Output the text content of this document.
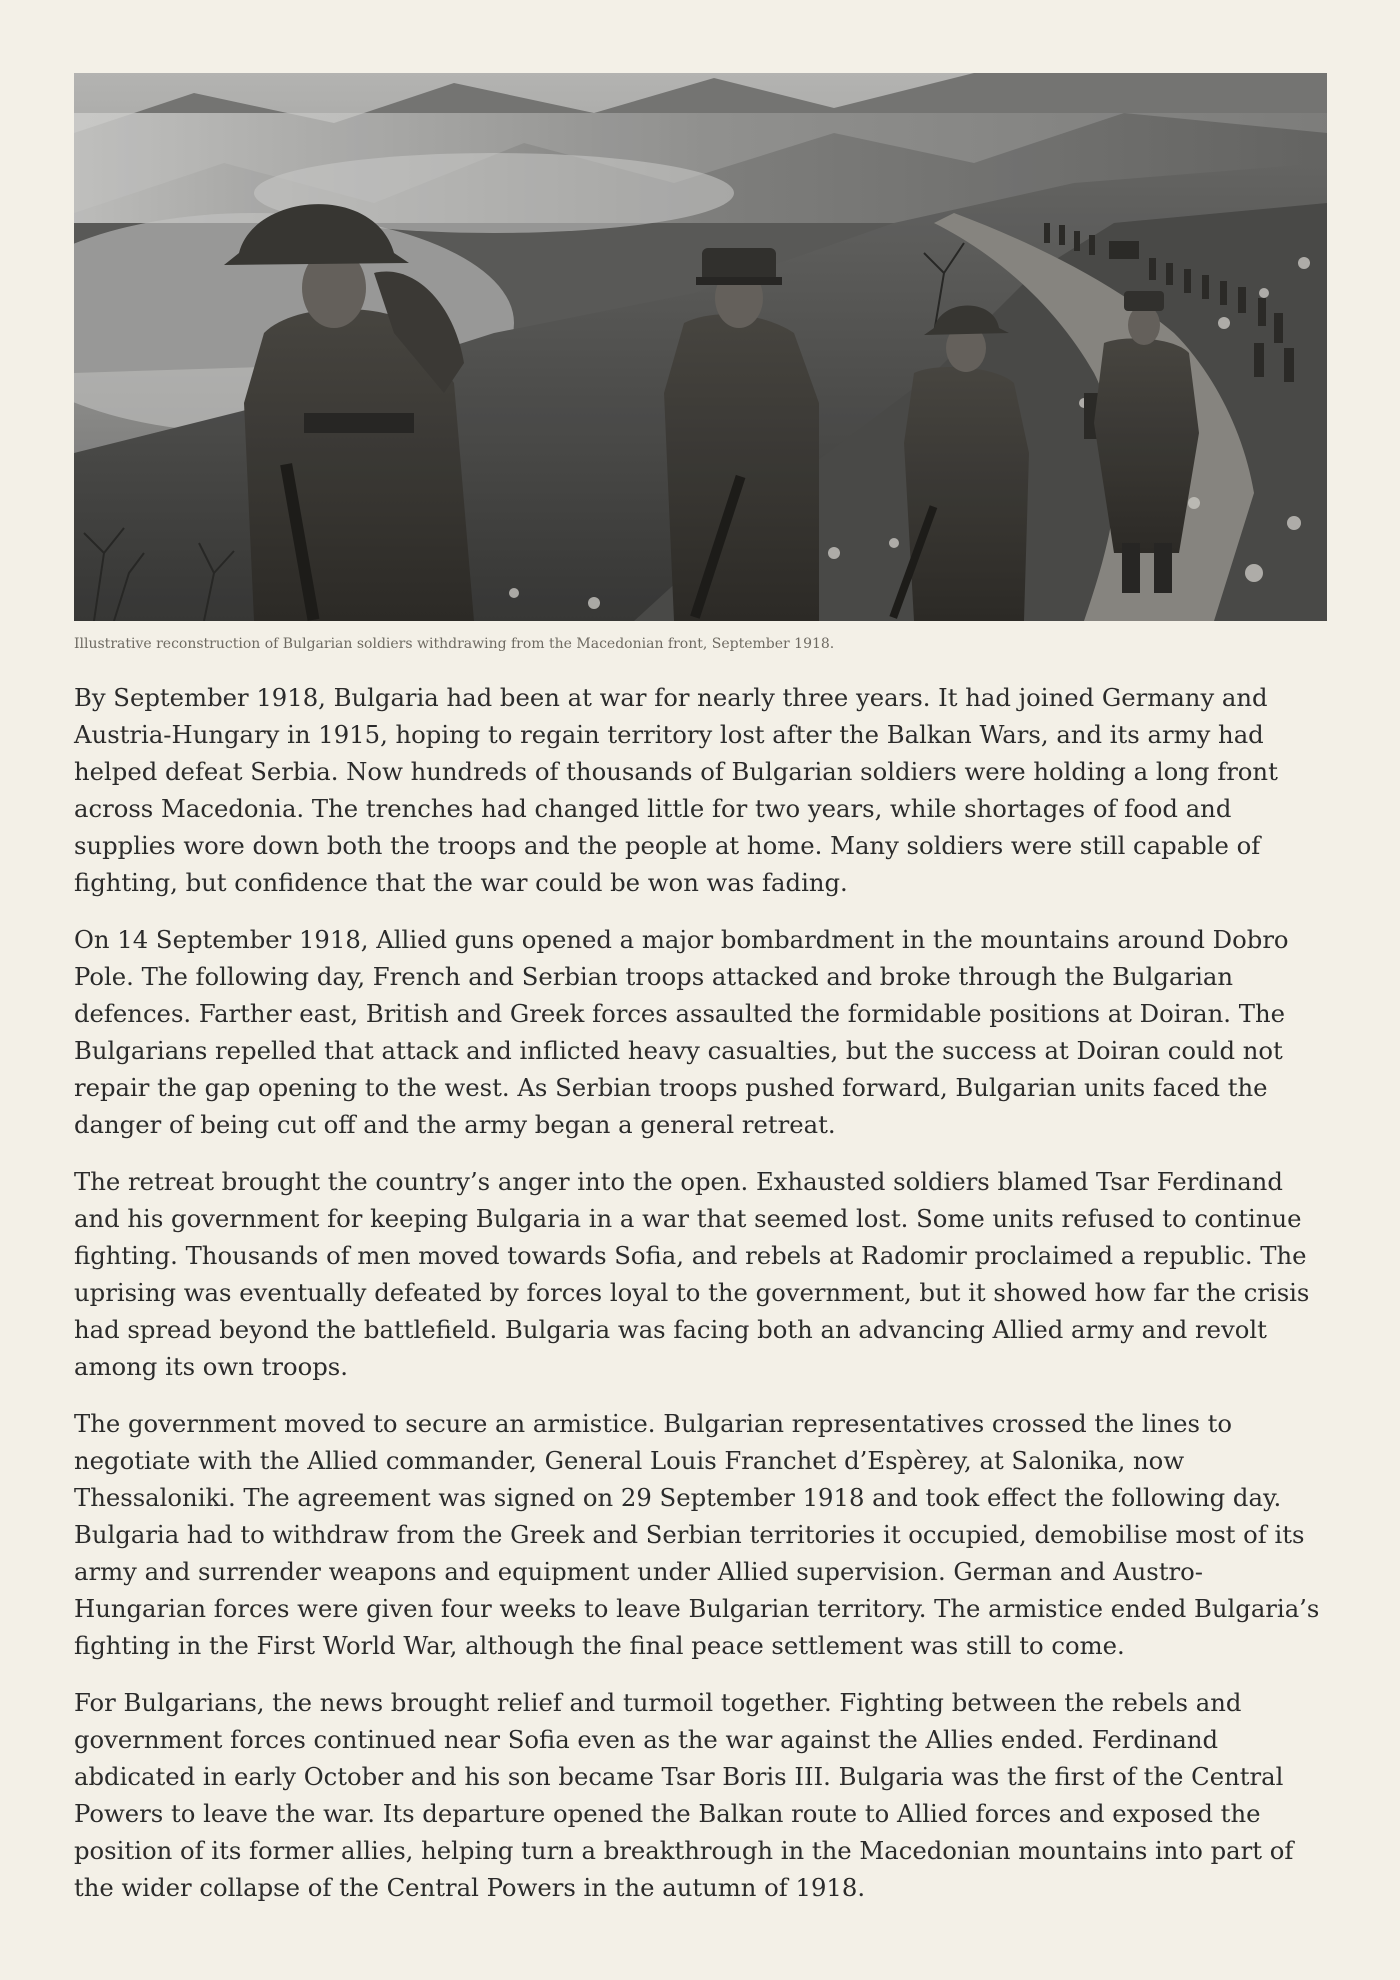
Illustrative reconstruction of Bulgarian soldiers withdrawing from the Macedonian front, September 1918.

By September 1918, Bulgaria had been at war for nearly three years. It had joined Germany and Austria-Hungary in 1915, hoping to regain territory lost after the Balkan Wars, and its army had helped defeat Serbia. Now hundreds of thousands of Bulgarian soldiers were holding a long front across Macedonia. The trenches had changed little for two years, while shortages of food and supplies wore down both the troops and the people at home. Many soldiers were still capable of fighting, but confidence that the war could be won was fading.

On 14 September 1918, Allied guns opened a major bombardment in the mountains around Dobro Pole. The following day, French and Serbian troops attacked and broke through the Bulgarian defences. Farther east, British and Greek forces assaulted the formidable positions at Doiran. The Bulgarians repelled that attack and inflicted heavy casualties, but the success at Doiran could not repair the gap opening to the west. As Serbian troops pushed forward, Bulgarian units faced the danger of being cut off and the army began a general retreat.

The retreat brought the country’s anger into the open. Exhausted soldiers blamed Tsar Ferdinand and his government for keeping Bulgaria in a war that seemed lost. Some units refused to continue fighting. Thousands of men moved towards Sofia, and rebels at Radomir proclaimed a republic. The uprising was eventually defeated by forces loyal to the government, but it showed how far the crisis had spread beyond the battlefield. Bulgaria was facing both an advancing Allied army and revolt among its own troops.

The government moved to secure an armistice. Bulgarian representatives crossed the lines to negotiate with the Allied commander, General Louis Franchet d’Espèrey, at Salonika, now Thessaloniki. The agreement was signed on 29 September 1918 and took effect the following day. Bulgaria had to withdraw from the Greek and Serbian territories it occupied, demobilise most of its army and surrender weapons and equipment under Allied supervision. German and Austro-Hungarian forces were given four weeks to leave Bulgarian territory. The armistice ended Bulgaria’s fighting in the First World War, although the final peace settlement was still to come.

For Bulgarians, the news brought relief and turmoil together. Fighting between the rebels and government forces continued near Sofia even as the war against the Allies ended. Ferdinand abdicated in early October and his son became Tsar Boris III. Bulgaria was the first of the Central Powers to leave the war. Its departure opened the Balkan route to Allied forces and exposed the position of its former allies, helping turn a breakthrough in the Macedonian mountains into part of the wider collapse of the Central Powers in the autumn of 1918.
